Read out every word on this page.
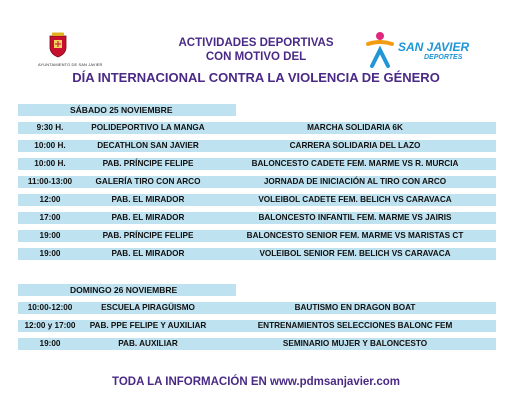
AYUNTAMIENTO DE SAN JAVIER
ACTIVIDADES DEPORTIVAS
CON MOTIVO DEL
DÍA INTERNACIONAL CONTRA LA VIOLENCIA DE GÉNERO
SAN JAVIER
DEPORTES
SÁBADO 25 NOVIEMBRE
9:30 H.	POLIDEPORTIVO LA MANGA	MARCHA SOLIDARIA 6K
10:00 H.	DECATHLON SAN JAVIER	CARRERA SOLIDARIA DEL LAZO
10:00 H.	PAB. PRÍNCIPE FELIPE	BALONCESTO CADETE FEM. MARME VS R. MURCIA
11:00-13:00	GALERÍA TIRO CON ARCO	JORNADA DE INICIACIÓN AL TIRO CON ARCO
12:00	PAB. EL MIRADOR	VOLEIBOL CADETE FEM. BELICH VS CARAVACA
17:00	PAB. EL MIRADOR	BALONCESTO INFANTIL FEM. MARME VS JAIRIS
19:00	PAB. PRÍNCIPE FELIPE	BALONCESTO SENIOR FEM. MARME VS MARISTAS CT
19:00	PAB. EL MIRADOR	VOLEIBOL SENIOR FEM. BELICH VS CARAVACA
DOMINGO 26 NOVIEMBRE
10:00-12:00	ESCUELA PIRAGÜISMO	BAUTISMO EN DRAGON BOAT
12:00 y 17:00	PAB. PPE FELIPE Y AUXILIAR	ENTRENAMIENTOS SELECCIONES BALONC FEM
19:00	PAB. AUXILIAR	SEMINARIO MUJER Y BALONCESTO
TODA LA INFORMACIÓN EN www.pdmsanjavier.com
